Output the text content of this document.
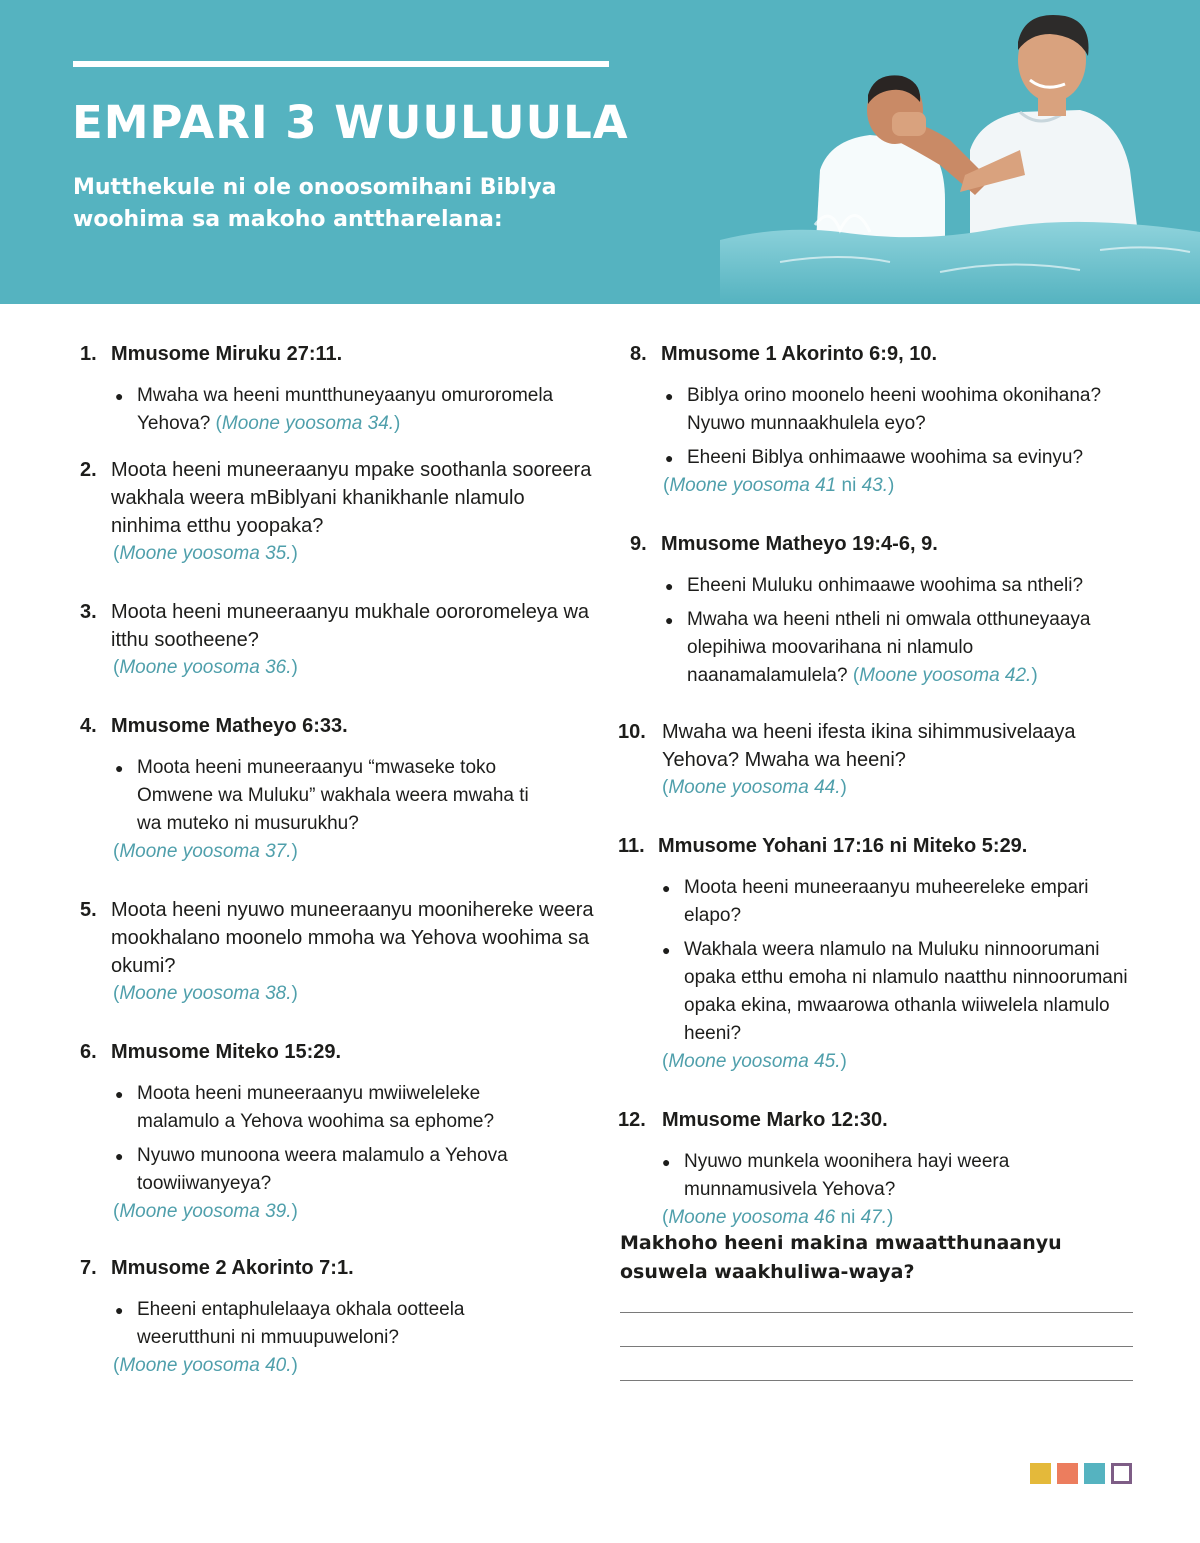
EMPARI 3 WUULUULA

Mutthekule ni ole onoosomihani Biblya woohima sa makoho anttharelana:

1. Mmusome Miruku 27:11.
● Mwaha wa heeni muntthuneyaanyu omuroromela Yehova? (Moone yoosoma 34.)
2. Moota heeni muneeraanyu mpake soothanla sooreera wakhala weera mBiblyani khanikhanle nlamulo ninhima etthu yoopaka?
(Moone yoosoma 35.)
3. Moota heeni muneeraanyu mukhale oororomeleya wa itthu sootheene?
(Moone yoosoma 36.)
4. Mmusome Matheyo 6:33.
● Moota heeni muneeraanyu “mwaseke toko Omwene wa Muluku” wakhala weera mwaha ti wa muteko ni musurukhu?
(Moone yoosoma 37.)
5. Moota heeni nyuwo muneeraanyu moonihereke weera mookhalano moonelo mmoha wa Yehova woohima sa okumi?
(Moone yoosoma 38.)
6. Mmusome Miteko 15:29.
● Moota heeni muneeraanyu mwiiweleleke malamulo a Yehova woohima sa ephome?
● Nyuwo munoona weera malamulo a Yehova toowiiwanyeya?
(Moone yoosoma 39.)
7. Mmusome 2 Akorinto 7:1.
● Eheeni entaphulelaaya okhala ootteela weerutthuni ni mmuupuweloni?
(Moone yoosoma 40.)
8. Mmusome 1 Akorinto 6:9, 10.
● Biblya orino moonelo heeni woohima okonihana? Nyuwo munnaakhulela eyo?
● Eheeni Biblya onhimaawe woohima sa evinyu?
(Moone yoosoma 41 ni 43.)
9. Mmusome Matheyo 19:4-6, 9.
● Eheeni Muluku onhimaawe woohima sa ntheli?
● Mwaha wa heeni ntheli ni omwala otthuneyaaya olepihiwa moovarihana ni nlamulo naanamalamulela? (Moone yoosoma 42.)
10. Mwaha wa heeni ifesta ikina sihimmusivelaaya Yehova? Mwaha wa heeni?
(Moone yoosoma 44.)
11. Mmusome Yohani 17:16 ni Miteko 5:29.
● Moota heeni muneeraanyu muheereleke empari elapo?
● Wakhala weera nlamulo na Muluku ninnoorumani opaka etthu emoha ni nlamulo naatthu ninnoorumani opaka ekina, mwaarowa othanla wiiwelela nlamulo heeni?
(Moone yoosoma 45.)
12. Mmusome Marko 12:30.
● Nyuwo munkela woonihera hayi weera munnamusivela Yehova?
(Moone yoosoma 46 ni 47.)

Makhoho heeni makina mwaatthunaanyu osuwela waakhuliwa-waya?
